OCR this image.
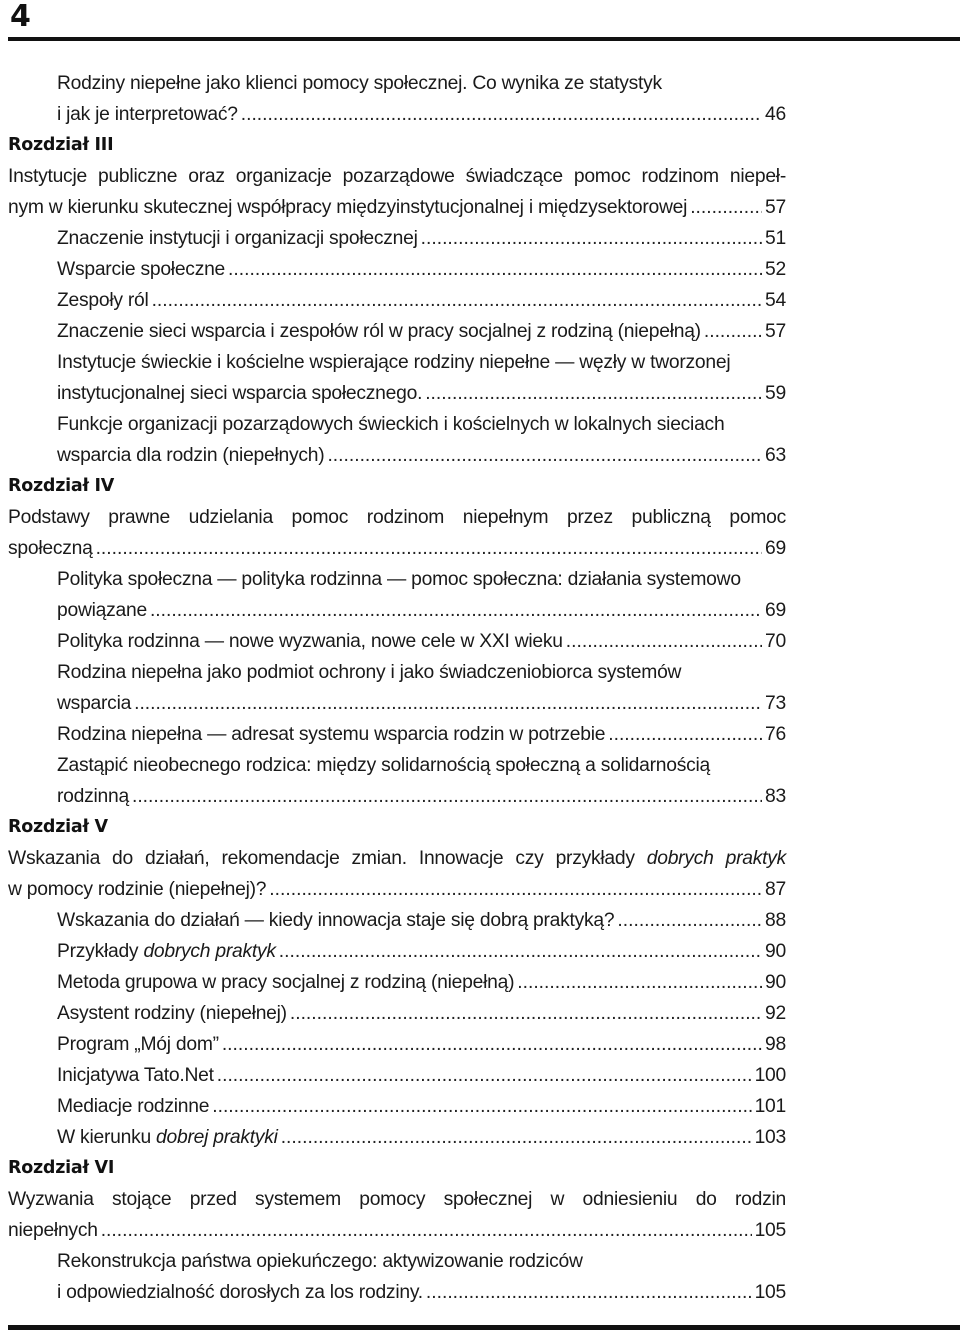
4
Rodziny niepełne jako klienci pomocy społecznej. Co wynika ze statystyk
i jak je interpretować? .....	46
Rozdział III
Instytucje publiczne oraz organizacje pozarządowe świadczące pomoc rodzinom niepeł-
nym w kierunku skutecznej współpracy międzyinstytucjonalnej i międzysektorowej .....	57
Znaczenie instytucji i organizacji społecznej .....	51
Wsparcie społeczne .....	52
Zespoły ról .....	54
Znaczenie sieci wsparcia i zespołów ról w pracy socjalnej z rodziną (niepełną) .....	57
Instytucje świeckie i kościelne wspierające rodziny niepełne — węzły w tworzonej
instytucjonalnej sieci wsparcia społecznego. .....	59
Funkcje organizacji pozarządowych świeckich i kościelnych w lokalnych sieciach
wsparcia dla rodzin (niepełnych) .....	63
Rozdział IV
Podstawy prawne udzielania pomoc rodzinom niepełnym przez publiczną pomoc
społeczną .....	69
Polityka społeczna — polityka rodzinna — pomoc społeczna: działania systemowo
powiązane .....	69
Polityka rodzinna — nowe wyzwania, nowe cele w XXI wieku .....	70
Rodzina niepełna jako podmiot ochrony i jako świadczeniobiorca systemów
wsparcia .....	73
Rodzina niepełna — adresat systemu wsparcia rodzin w potrzebie .....	76
Zastąpić nieobecnego rodzica: między solidarnością społeczną a solidarnością
rodzinną .....	83
Rozdział V
Wskazania do działań, rekomendacje zmian. Innowacje czy przykłady dobrych praktyk
w pomocy rodzinie (niepełnej)? .....	87
Wskazania do działań — kiedy innowacja staje się dobrą praktyką? .....	88
Przykłady dobrych praktyk .....	90
Metoda grupowa w pracy socjalnej z rodziną (niepełną) .....	90
Asystent rodziny (niepełnej) .....	92
Program „Mój dom” .....	98
Inicjatywa Tato.Net .....	100
Mediacje rodzinne .....	101
W kierunku dobrej praktyki .....	103
Rozdział VI
Wyzwania stojące przed systemem pomocy społecznej w odniesieniu do rodzin
niepełnych .....	105
Rekonstrukcja państwa opiekuńczego: aktywizowanie rodziców
i odpowiedzialność dorosłych za los rodziny. .....	105
